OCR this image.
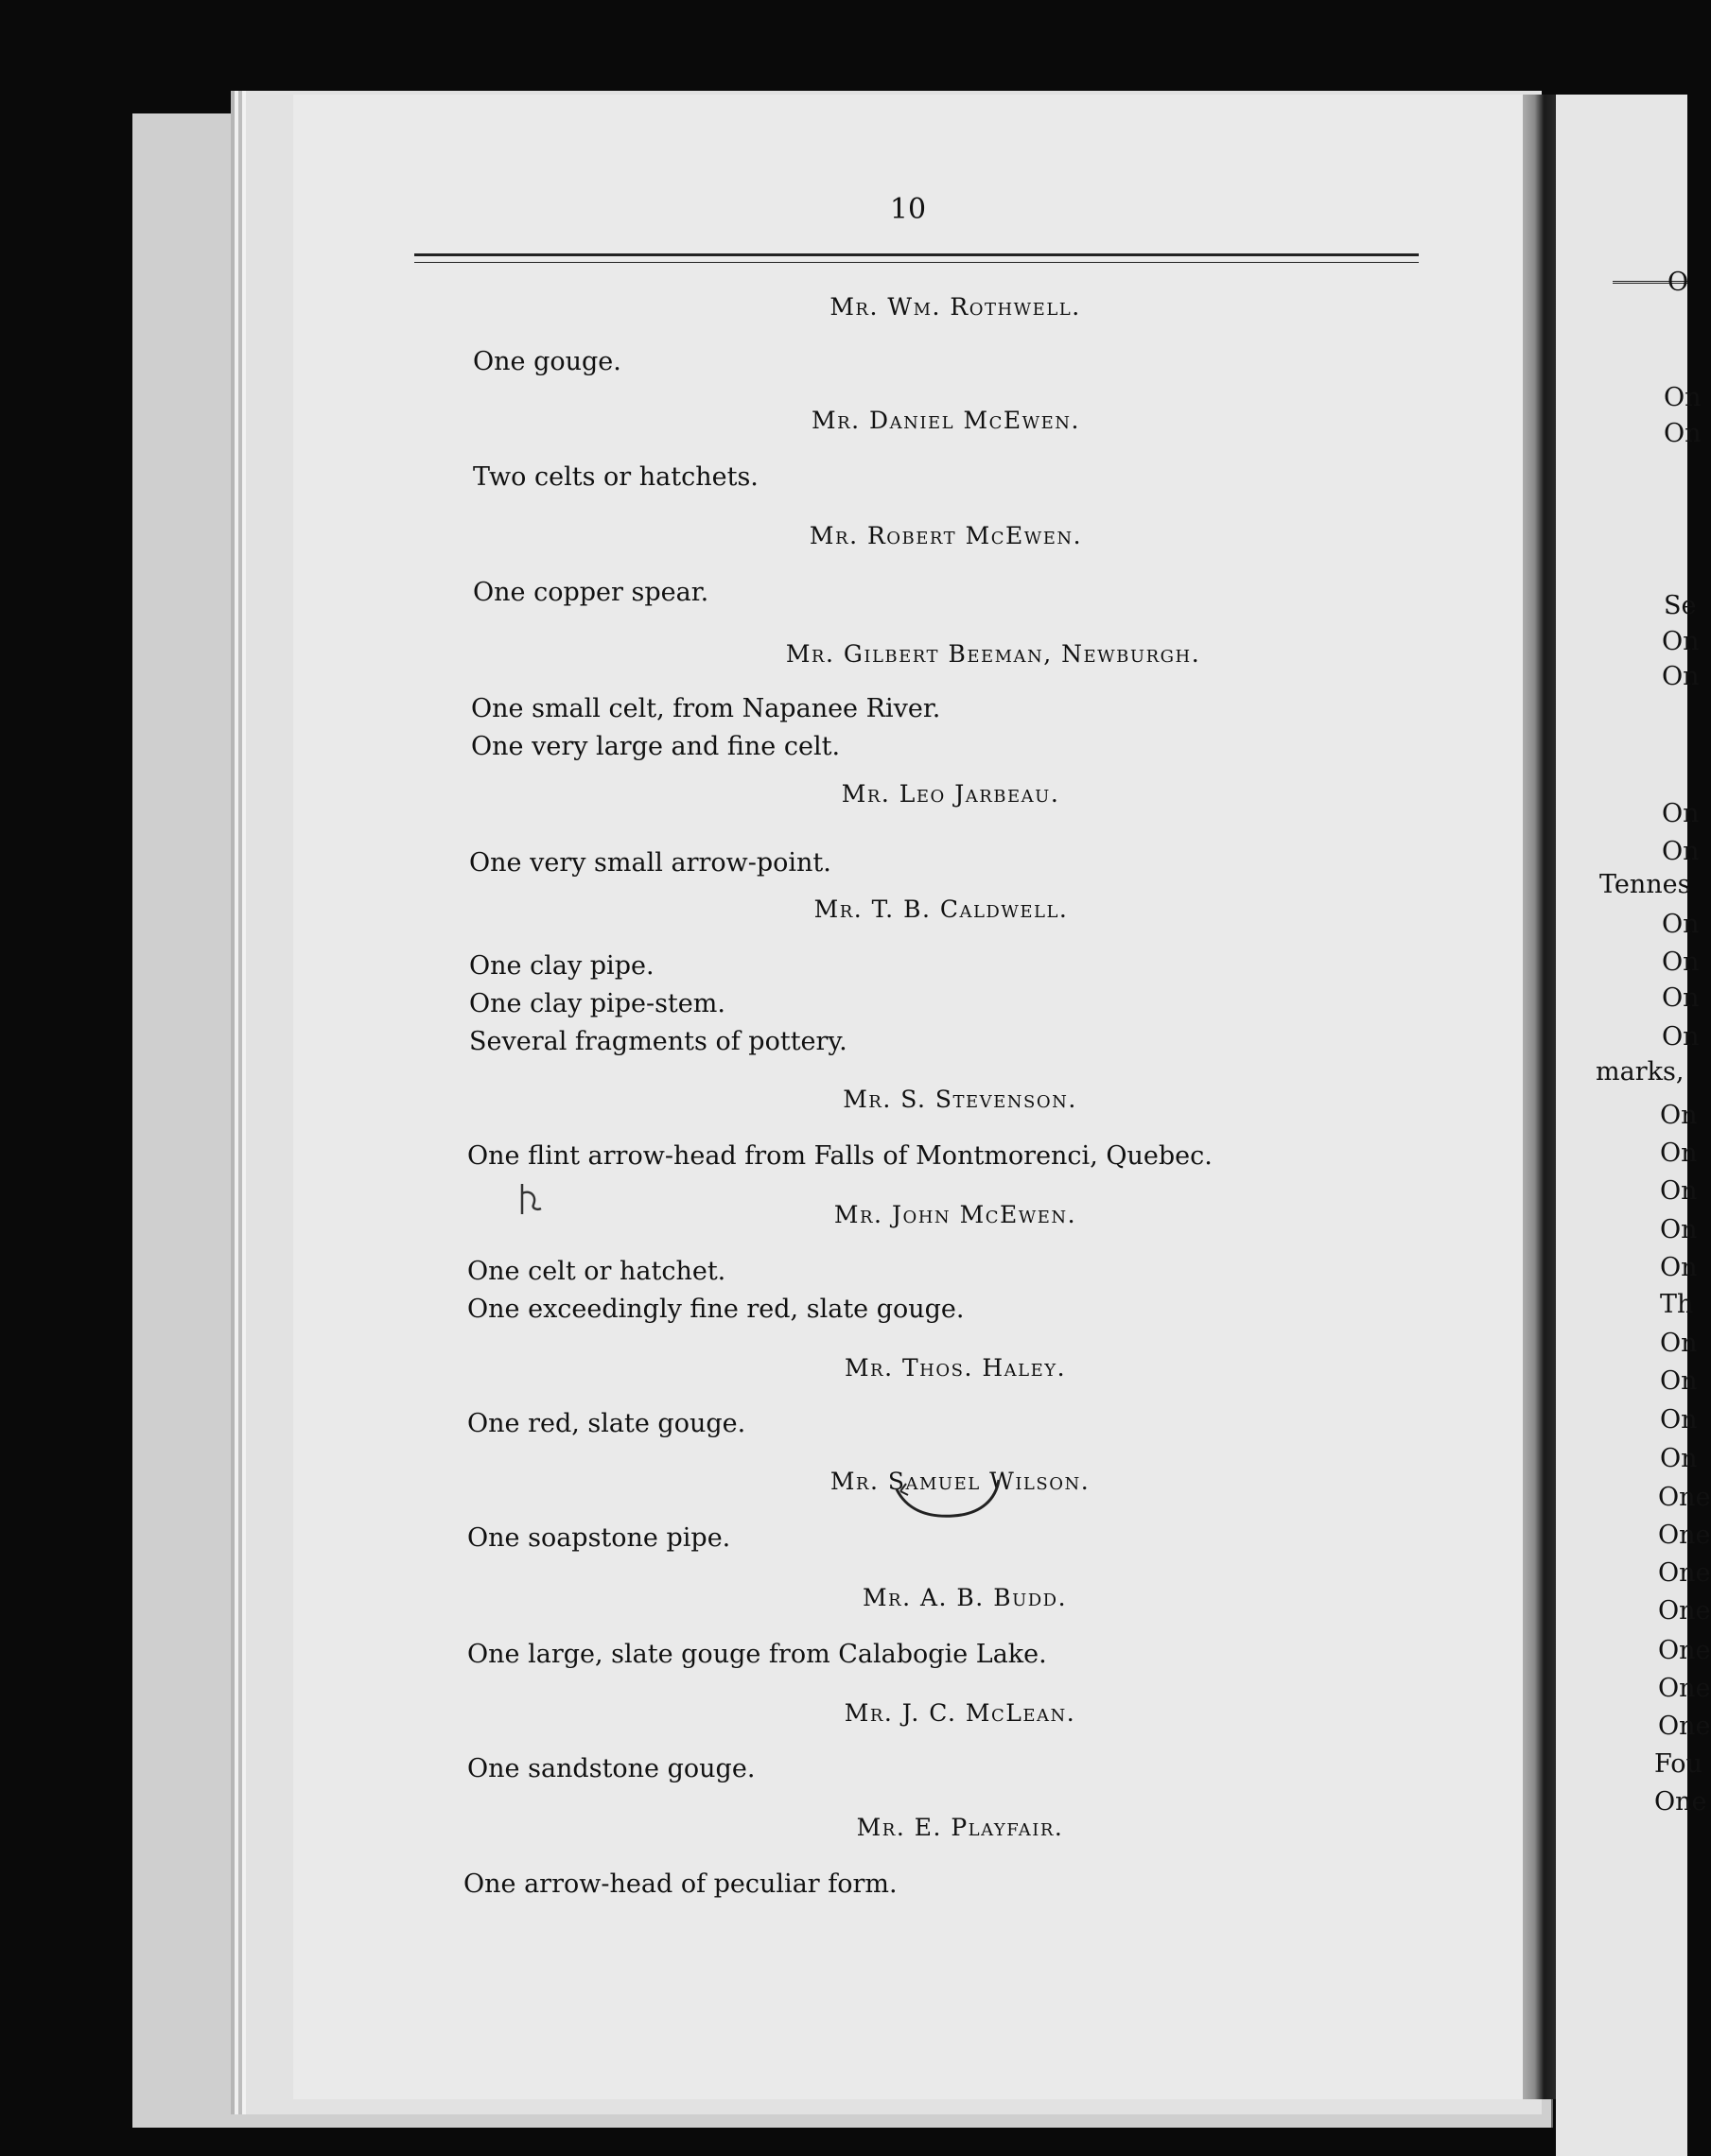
O
On
On
Se
On
On
On
On
Tennes
On
On
On
On
marks,
On
On
On
On
On
Th
On
On
On
On
One
One
One
One
One
One
One
Fou
One
10
Mr. Wm. Rothwell.
One gouge.
Mr. Daniel McEwen.
Two celts or hatchets.
Mr. Robert McEwen.
One copper spear.
Mr. Gilbert Beeman, Newburgh.
One small celt, from Napanee River.
One very large and fine celt.
Mr. Leo Jarbeau.
One very small arrow-point.
Mr. T. B. Caldwell.
One clay pipe.
One clay pipe-stem.
Several fragments of pottery.
Mr. S. Stevenson.
One flint arrow-head from Falls of Montmorenci, Quebec.
Mr. John McEwen.
One celt or hatchet.
One exceedingly fine red, slate gouge.
Mr. Thos. Haley.
One red, slate gouge.
Mr. Samuel Wilson.
One soapstone pipe.
Mr. A. B. Budd.
One large, slate gouge from Calabogie Lake.
Mr. J. C. McLean.
One sandstone gouge.
Mr. E. Playfair.
One arrow-head of peculiar form.
